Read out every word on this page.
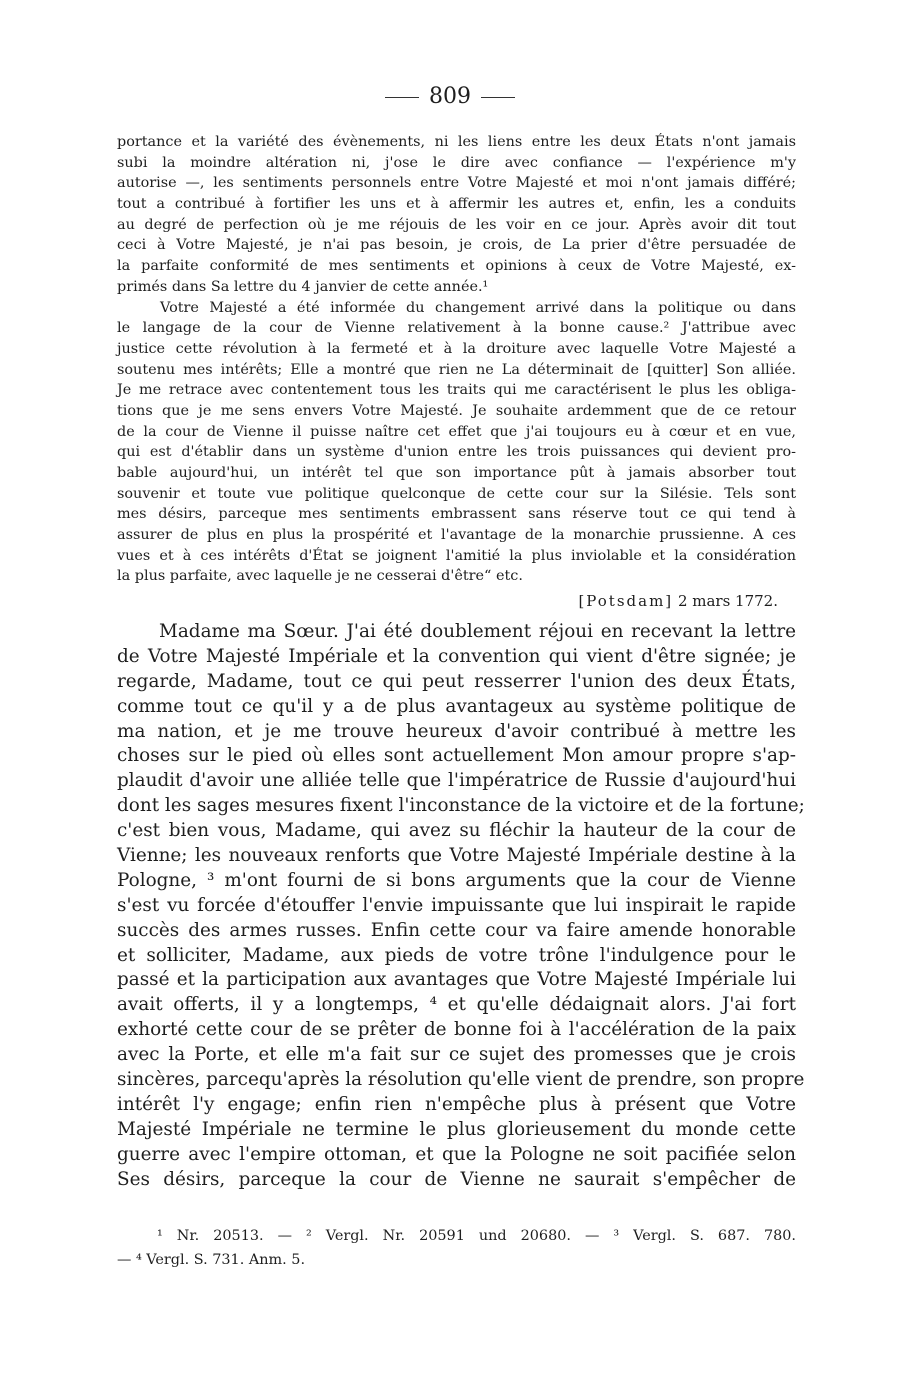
809
portance et la variété des évènements, ni les liens entre les deux États n'ont jamais
subi la moindre altération ni, j'ose le dire avec confiance — l'expérience m'y
autorise —, les sentiments personnels entre Votre Majesté et moi n'ont jamais différé;
tout a contribué à fortifier les uns et à affermir les autres et, enfin, les a conduits
au degré de perfection où je me réjouis de les voir en ce jour. Après avoir dit tout
ceci à Votre Majesté, je n'ai pas besoin, je crois, de La prier d'être persuadée de
la parfaite conformité de mes sentiments et opinions à ceux de Votre Majesté, ex-
primés dans Sa lettre du 4 janvier de cette année.¹
Votre Majesté a été informée du changement arrivé dans la politique ou dans
le langage de la cour de Vienne relativement à la bonne cause.² J'attribue avec
justice cette révolution à la fermeté et à la droiture avec laquelle Votre Majesté a
soutenu mes intérêts; Elle a montré que rien ne La déterminait de [quitter] Son alliée.
Je me retrace avec contentement tous les traits qui me caractérisent le plus les obliga-
tions que je me sens envers Votre Majesté. Je souhaite ardemment que de ce retour
de la cour de Vienne il puisse naître cet effet que j'ai toujours eu à cœur et en vue,
qui est d'établir dans un système d'union entre les trois puissances qui devient pro-
bable aujourd'hui, un intérêt tel que son importance pût à jamais absorber tout
souvenir et toute vue politique quelconque de cette cour sur la Silésie. Tels sont
mes désirs, parceque mes sentiments embrassent sans réserve tout ce qui tend à
assurer de plus en plus la prospérité et l'avantage de la monarchie prussienne. A ces
vues et à ces intérêts d'État se joignent l'amitié la plus inviolable et la considération
la plus parfaite, avec laquelle je ne cesserai d'être“ etc.
[Potsdam] 2 mars 1772.
Madame ma Sœur. J'ai été doublement réjoui en recevant la lettre
de Votre Majesté Impériale et la convention qui vient d'être signée; je
regarde, Madame, tout ce qui peut resserrer l'union des deux États,
comme tout ce qu'il y a de plus avantageux au système politique de
ma nation, et je me trouve heureux d'avoir contribué à mettre les
choses sur le pied où elles sont actuellement Mon amour propre s'ap-
plaudit d'avoir une alliée telle que l'impératrice de Russie d'aujourd'hui
dont les sages mesures fixent l'inconstance de la victoire et de la fortune;
c'est bien vous, Madame, qui avez su fléchir la hauteur de la cour de
Vienne; les nouveaux renforts que Votre Majesté Impériale destine à la
Pologne, ³ m'ont fourni de si bons arguments que la cour de Vienne
s'est vu forcée d'étouffer l'envie impuissante que lui inspirait le rapide
succès des armes russes. Enfin cette cour va faire amende honorable
et solliciter, Madame, aux pieds de votre trône l'indulgence pour le
passé et la participation aux avantages que Votre Majesté Impériale lui
avait offerts, il y a longtemps, ⁴ et qu'elle dédaignait alors. J'ai fort
exhorté cette cour de se prêter de bonne foi à l'accélération de la paix
avec la Porte, et elle m'a fait sur ce sujet des promesses que je crois
sincères, parcequ'après la résolution qu'elle vient de prendre, son propre
intérêt l'y engage; enfin rien n'empêche plus à présent que Votre
Majesté Impériale ne termine le plus glorieusement du monde cette
guerre avec l'empire ottoman, et que la Pologne ne soit pacifiée selon
Ses désirs, parceque la cour de Vienne ne saurait s'empêcher de
¹ Nr. 20513. — ² Vergl. Nr. 20591 und 20680. — ³ Vergl. S. 687. 780.
— ⁴ Vergl. S. 731. Anm. 5.
